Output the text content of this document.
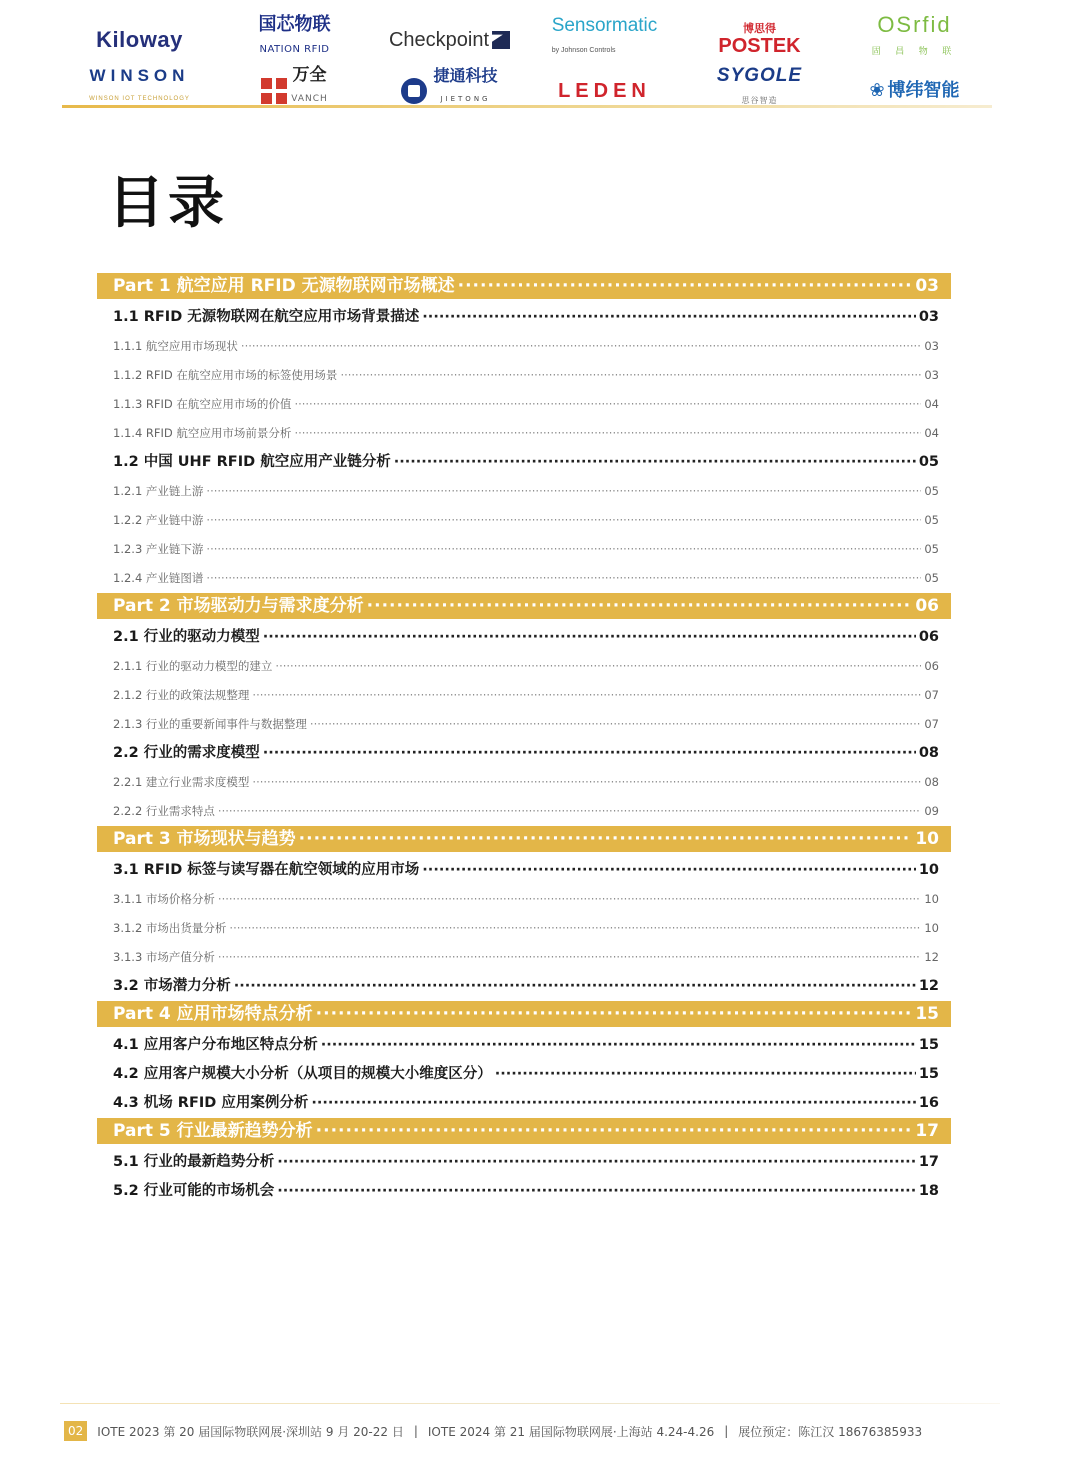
Kiloway
国芯物联
NATION RFID	Checkpoint
Sensormatic
by Johnson Controls
博思得
POSTEK
OSrfid
固 昌 物 联
WINSON
WINSON IOT TECHNOLOGY
万全
VANCH
捷通科技
JIETONG	LEDEN
SYGOLE
思谷智造	❀ 博纬智能
目录
Part 1 航空应用 RFID 无源物联网市场概述 ·····	03
1.1 RFID 无源物联网在航空应用市场背景描述 ·····	03
1.1.1 航空应用市场现状 ·····	03
1.1.2 RFID 在航空应用市场的标签使用场景 ·····	03
1.1.3 RFID 在航空应用市场的价值 ·····	04
1.1.4 RFID 航空应用市场前景分析 ·····	04
1.2 中国 UHF RFID 航空应用产业链分析 ·····	05
1.2.1 产业链上游 ·····	05
1.2.2 产业链中游 ·····	05
1.2.3 产业链下游 ·····	05
1.2.4 产业链图谱 ·····	05
Part 2 市场驱动力与需求度分析 ·····	06
2.1 行业的驱动力模型 ·····	06
2.1.1 行业的驱动力模型的建立 ·····	06
2.1.2 行业的政策法规整理 ·····	07
2.1.3 行业的重要新闻事件与数据整理 ·····	07
2.2 行业的需求度模型 ·····	08
2.2.1 建立行业需求度模型 ·····	08
2.2.2 行业需求特点 ·····	09
Part 3 市场现状与趋势 ·····	10
3.1 RFID 标签与读写器在航空领域的应用市场 ·····	10
3.1.1 市场价格分析 ·····	10
3.1.2 市场出货量分析 ·····	10
3.1.3 市场产值分析 ·····	12
3.2 市场潜力分析 ·····	12
Part 4 应用市场特点分析 ·····	15
4.1 应用客户分布地区特点分析 ·····	15
4.2 应用客户规模大小分析（从项目的规模大小维度区分） ·····	15
4.3 机场 RFID 应用案例分析 ·····	16
Part 5 行业最新趋势分析 ·····	17
5.1 行业的最新趋势分析 ·····	17
5.2 行业可能的市场机会 ·····	18
02	IOTE 2023 第 20 届国际物联网展·深圳站 9 月 20-22 日 | IOTE 2024 第 21 届国际物联网展·上海站 4.24-4.26 | 展位预定：陈江汉 18676385933
